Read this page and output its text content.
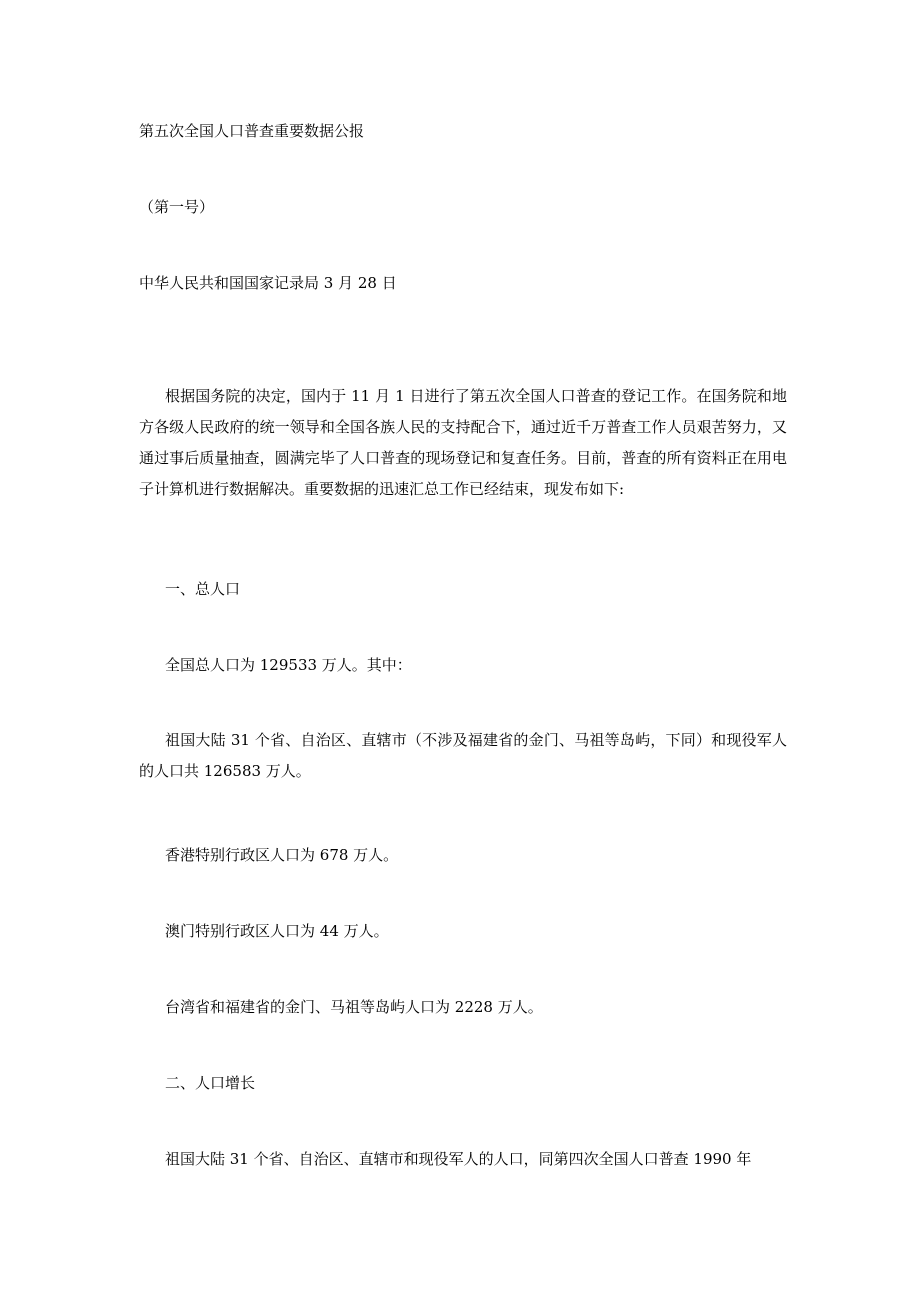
第五次全国人口普查重要数据公报

（第一号）

中华人民共和国国家记录局 3 月 28 日

根据国务院的决定，国内于 11 月 1 日进行了第五次全国人口普查的登记工作。在国务院和地方各级人民政府的统一领导和全国各族人民的支持配合下，通过近千万普查工作人员艰苦努力，又通过事后质量抽查，圆满完毕了人口普查的现场登记和复查任务。目前，普查的所有资料正在用电子计算机进行数据解决。重要数据的迅速汇总工作已经结束，现发布如下:

一、总人口

全国总人口为 129533 万人。其中：

祖国大陆 31 个省、自治区、直辖市（不涉及福建省的金门、马祖等岛屿，下同）和现役军人的人口共 126583 万人。

香港特别行政区人口为 678 万人。

澳门特别行政区人口为 44 万人。

台湾省和福建省的金门、马祖等岛屿人口为 2228 万人。

二、人口增长

祖国大陆 31 个省、自治区、直辖市和现役军人的人口，同第四次全国人口普查 1990 年
